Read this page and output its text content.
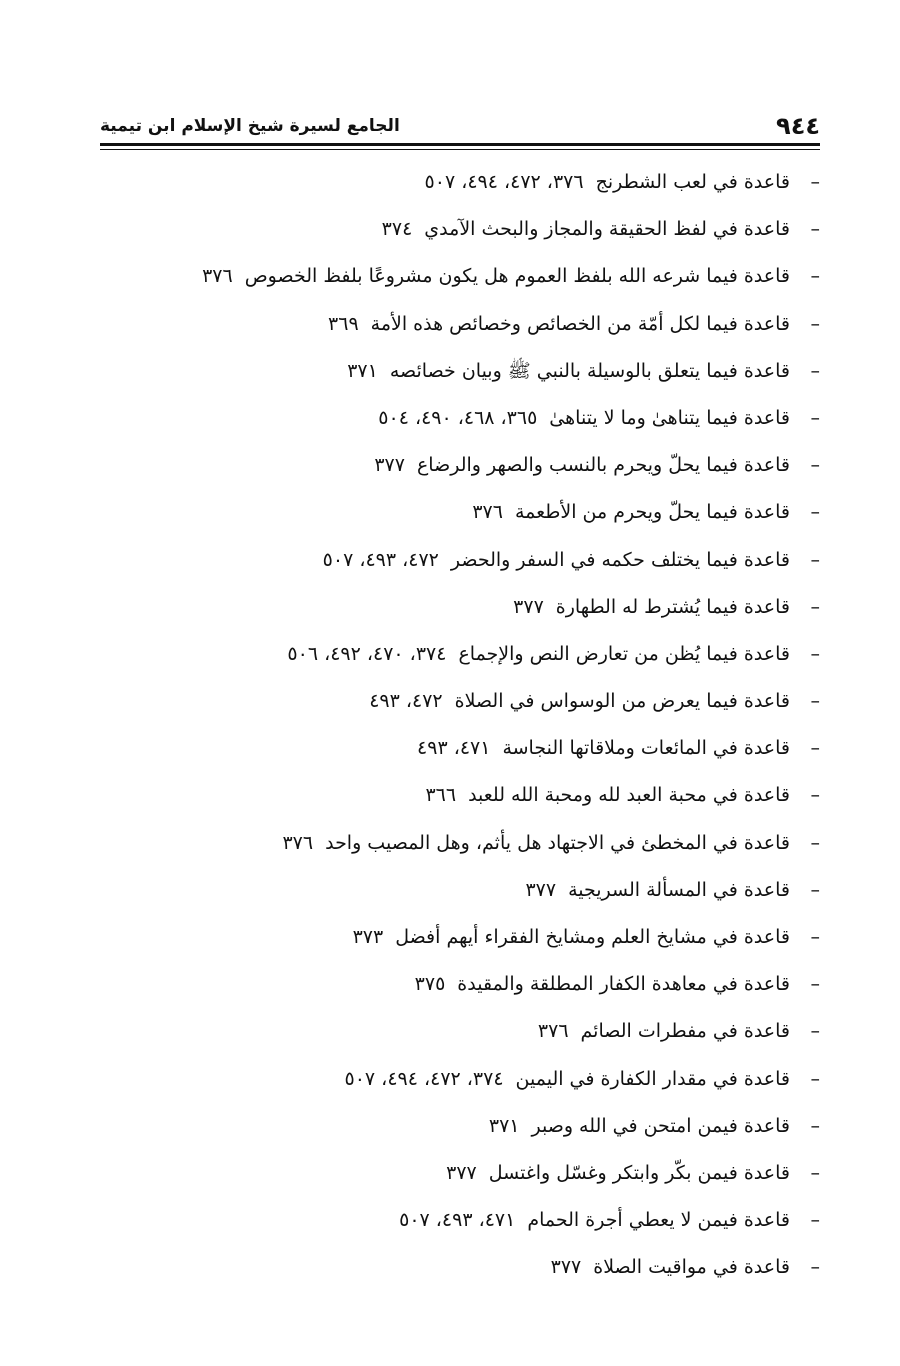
الجامع لسيرة شيخ الإسلام ابن تيمية	٩٤٤
–قاعدة في لعب الشطرنج٣٧٦، ٤٧٢، ٤٩٤، ٥٠٧
–قاعدة في لفظ الحقيقة والمجاز والبحث الآمدي٣٧٤
–قاعدة فيما شرعه الله بلفظ العموم هل يكون مشروعًا بلفظ الخصوص٣٧٦
–قاعدة فيما لكل أمّة من الخصائص وخصائص هذه الأمة٣٦٩
–قاعدة فيما يتعلق بالوسيلة بالنبي ﷺ وبيان خصائصه٣٧١
–قاعدة فيما يتناهىٰ وما لا يتناهىٰ٣٦٥، ٤٦٨، ٤٩٠، ٥٠٤
–قاعدة فيما يحلّ ويحرم بالنسب والصهر والرضاع٣٧٧
–قاعدة فيما يحلّ ويحرم من الأطعمة٣٧٦
–قاعدة فيما يختلف حكمه في السفر والحضر٤٧٢، ٤٩٣، ٥٠٧
–قاعدة فيما يُشترط له الطهارة٣٧٧
–قاعدة فيما يُظن من تعارض النص والإجماع٣٧٤، ٤٧٠، ٤٩٢، ٥٠٦
–قاعدة فيما يعرض من الوسواس في الصلاة٤٧٢، ٤٩٣
–قاعدة في المائعات وملاقاتها النجاسة٤٧١، ٤٩٣
–قاعدة في محبة العبد لله ومحبة الله للعبد٣٦٦
–قاعدة في المخطئ في الاجتهاد هل يأثم، وهل المصيب واحد٣٧٦
–قاعدة في المسألة السريجية٣٧٧
–قاعدة في مشايخ العلم ومشايخ الفقراء أيهم أفضل٣٧٣
–قاعدة في معاهدة الكفار المطلقة والمقيدة٣٧٥
–قاعدة في مفطرات الصائم٣٧٦
–قاعدة في مقدار الكفارة في اليمين٣٧٤، ٤٧٢، ٤٩٤، ٥٠٧
–قاعدة فيمن امتحن في الله وصبر٣٧١
–قاعدة فيمن بكّر وابتكر وغسّل واغتسل٣٧٧
–قاعدة فيمن لا يعطي أجرة الحمام٤٧١، ٤٩٣، ٥٠٧
–قاعدة في مواقيت الصلاة٣٧٧
